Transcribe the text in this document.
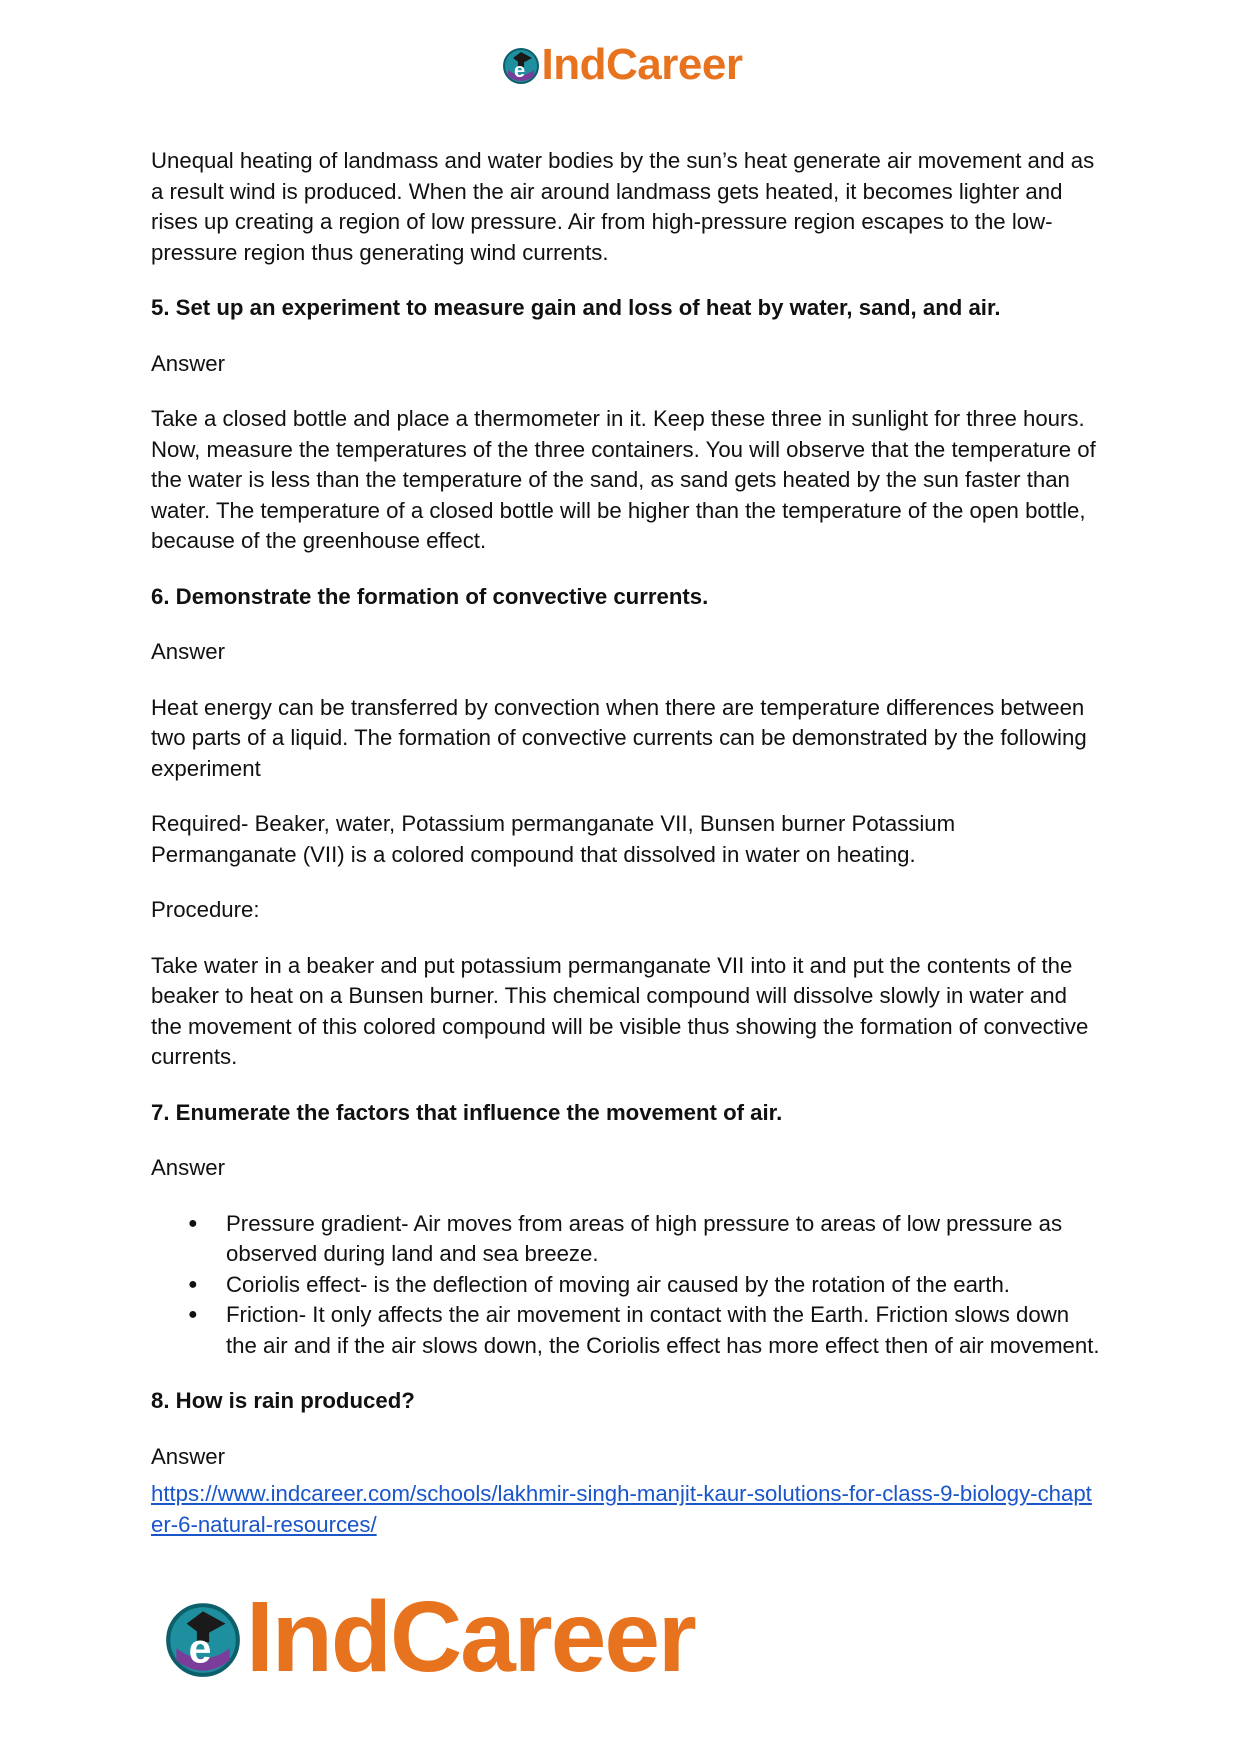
e IndCareer

Unequal heating of landmass and water bodies by the sun’s heat generate air movement and as a result wind is produced. When the air around landmass gets heated, it becomes lighter and rises up creating a region of low pressure. Air from high-pressure region escapes to the low-pressure region thus generating wind currents.

5. Set up an experiment to measure gain and loss of heat by water, sand, and air.

Answer

Take a closed bottle and place a thermometer in it. Keep these three in sunlight for three hours. Now, measure the temperatures of the three containers. You will observe that the temperature of the water is less than the temperature of the sand, as sand gets heated by the sun faster than water. The temperature of a closed bottle will be higher than the temperature of the open bottle, because of the greenhouse effect.

6. Demonstrate the formation of convective currents.

Answer

Heat energy can be transferred by convection when there are temperature differences between two parts of a liquid. The formation of convective currents can be demonstrated by the following experiment

Required- Beaker, water, Potassium permanganate VII, Bunsen burner Potassium Permanganate (VII) is a colored compound that dissolved in water on heating.

Procedure:

Take water in a beaker and put potassium permanganate VII into it and put the contents of the beaker to heat on a Bunsen burner. This chemical compound will dissolve slowly in water and the movement of this colored compound will be visible thus showing the formation of convective currents.

7. Enumerate the factors that influence the movement of air.

Answer

● Pressure gradient- Air moves from areas of high pressure to areas of low pressure as observed during land and sea breeze.
● Coriolis effect- is the deflection of moving air caused by the rotation of the earth.
● Friction- It only affects the air movement in contact with the Earth. Friction slows down the air and if the air slows down, the Coriolis effect has more effect then of air movement.

8. How is rain produced?

Answer

https://www.indcareer.com/schools/lakhmir-singh-manjit-kaur-solutions-for-class-9-biology-chapter-6-natural-resources/
e IndCareer
